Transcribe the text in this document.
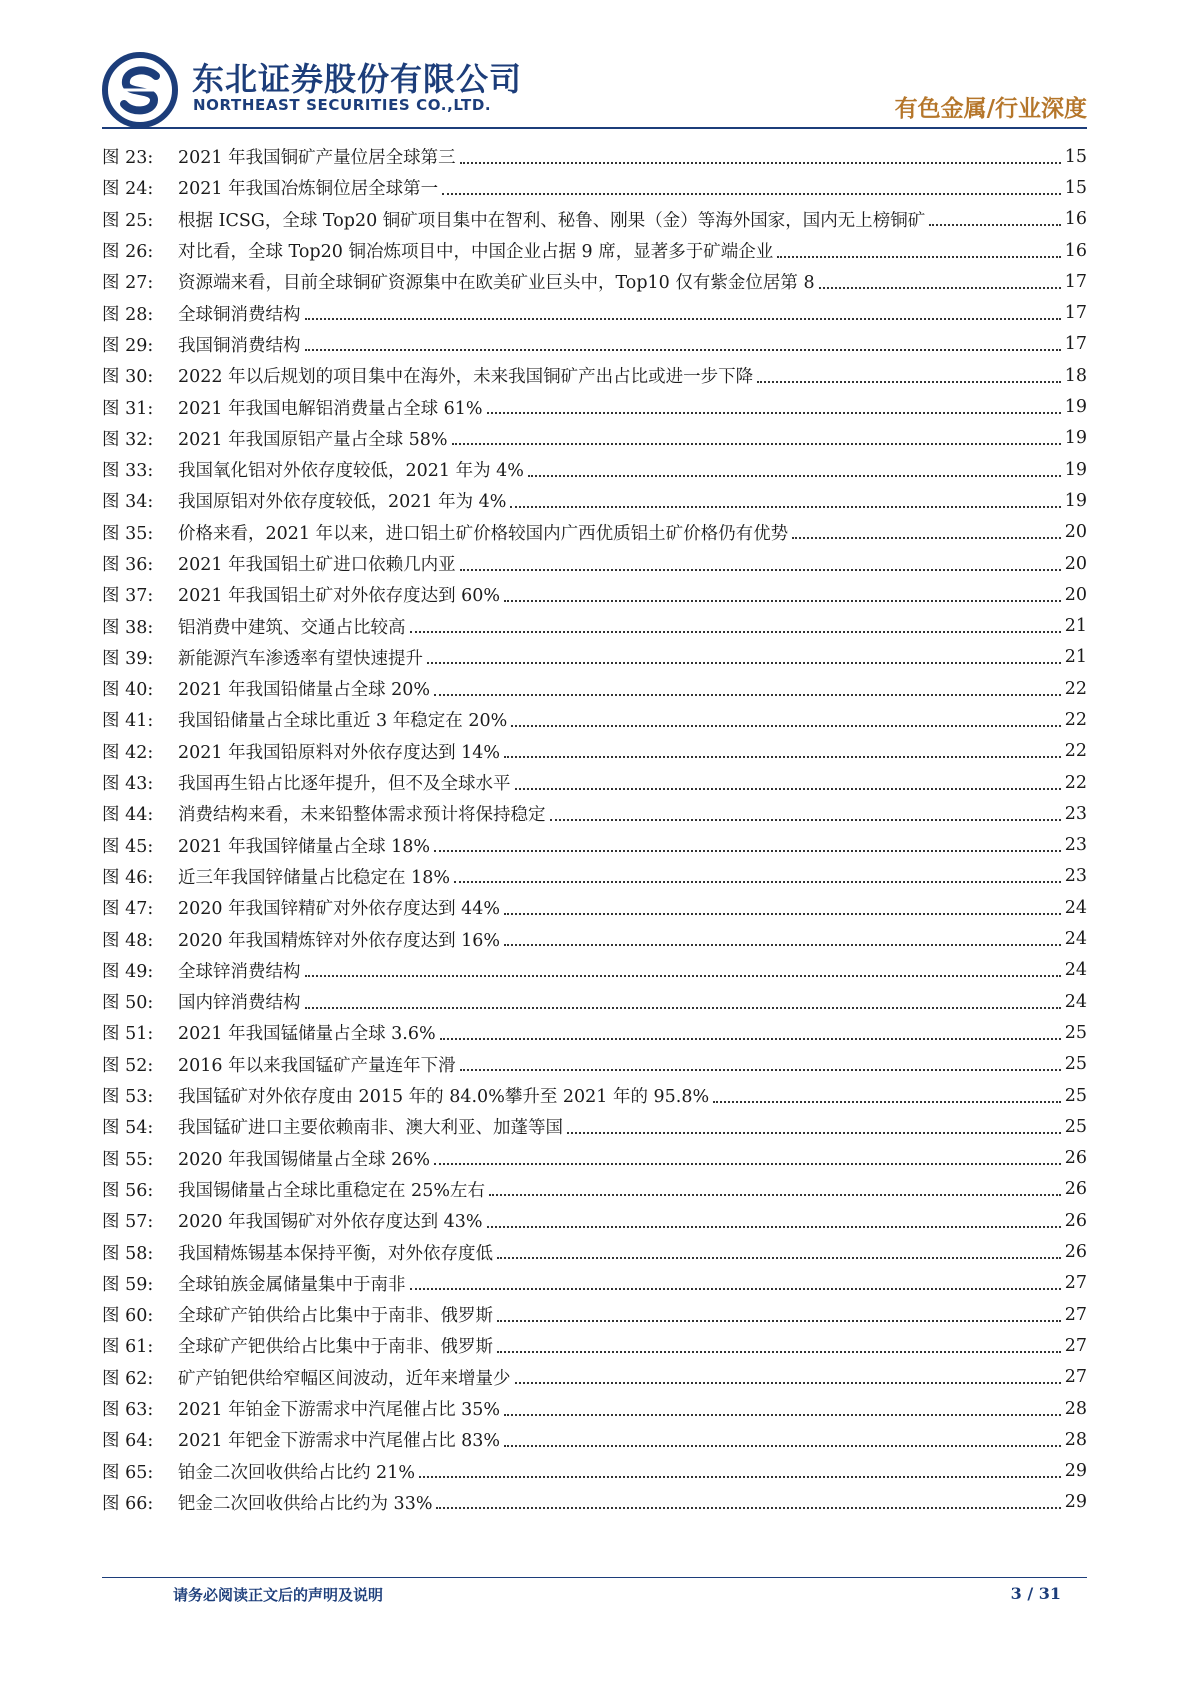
东北证券股份有限公司
NORTHEAST SECURITIES CO.,LTD.	有色金属/行业深度
图 23:	2021 年我国铜矿产量位居全球第三	15
图 24:	2021 年我国冶炼铜位居全球第一	15
图 25:	根据 ICSG，全球 Top20 铜矿项目集中在智利、秘鲁、刚果（金）等海外国家，国内无上榜铜矿	16
图 26:	对比看，全球 Top20 铜冶炼项目中，中国企业占据 9 席，显著多于矿端企业	16
图 27:	资源端来看，目前全球铜矿资源集中在欧美矿业巨头中，Top10 仅有紫金位居第 8	17
图 28:	全球铜消费结构	17
图 29:	我国铜消费结构	17
图 30:	2022 年以后规划的项目集中在海外，未来我国铜矿产出占比或进一步下降	18
图 31:	2021 年我国电解铝消费量占全球 61%	19
图 32:	2021 年我国原铝产量占全球 58%	19
图 33:	我国氧化铝对外依存度较低，2021 年为 4%	19
图 34:	我国原铝对外依存度较低，2021 年为 4%	19
图 35:	价格来看，2021 年以来，进口铝土矿价格较国内广西优质铝土矿价格仍有优势	20
图 36:	2021 年我国铝土矿进口依赖几内亚	20
图 37:	2021 年我国铝土矿对外依存度达到 60%	20
图 38:	铝消费中建筑、交通占比较高	21
图 39:	新能源汽车渗透率有望快速提升	21
图 40:	2021 年我国铅储量占全球 20%	22
图 41:	我国铅储量占全球比重近 3 年稳定在 20%	22
图 42:	2021 年我国铅原料对外依存度达到 14%	22
图 43:	我国再生铅占比逐年提升，但不及全球水平	22
图 44:	消费结构来看，未来铅整体需求预计将保持稳定	23
图 45:	2021 年我国锌储量占全球 18%	23
图 46:	近三年我国锌储量占比稳定在 18%	23
图 47:	2020 年我国锌精矿对外依存度达到 44%	24
图 48:	2020 年我国精炼锌对外依存度达到 16%	24
图 49:	全球锌消费结构	24
图 50:	国内锌消费结构	24
图 51:	2021 年我国锰储量占全球 3.6%	25
图 52:	2016 年以来我国锰矿产量连年下滑	25
图 53:	我国锰矿对外依存度由 2015 年的 84.0%攀升至 2021 年的 95.8%	25
图 54:	我国锰矿进口主要依赖南非、澳大利亚、加蓬等国	25
图 55:	2020 年我国锡储量占全球 26%	26
图 56:	我国锡储量占全球比重稳定在 25%左右	26
图 57:	2020 年我国锡矿对外依存度达到 43%	26
图 58:	我国精炼锡基本保持平衡，对外依存度低	26
图 59:	全球铂族金属储量集中于南非	27
图 60:	全球矿产铂供给占比集中于南非、俄罗斯	27
图 61:	全球矿产钯供给占比集中于南非、俄罗斯	27
图 62:	矿产铂钯供给窄幅区间波动，近年来增量少	27
图 63:	2021 年铂金下游需求中汽尾催占比 35%	28
图 64:	2021 年钯金下游需求中汽尾催占比 83%	28
图 65:	铂金二次回收供给占比约 21%	29
图 66:	钯金二次回收供给占比约为 33%	29
请务必阅读正文后的声明及说明	3 / 31
